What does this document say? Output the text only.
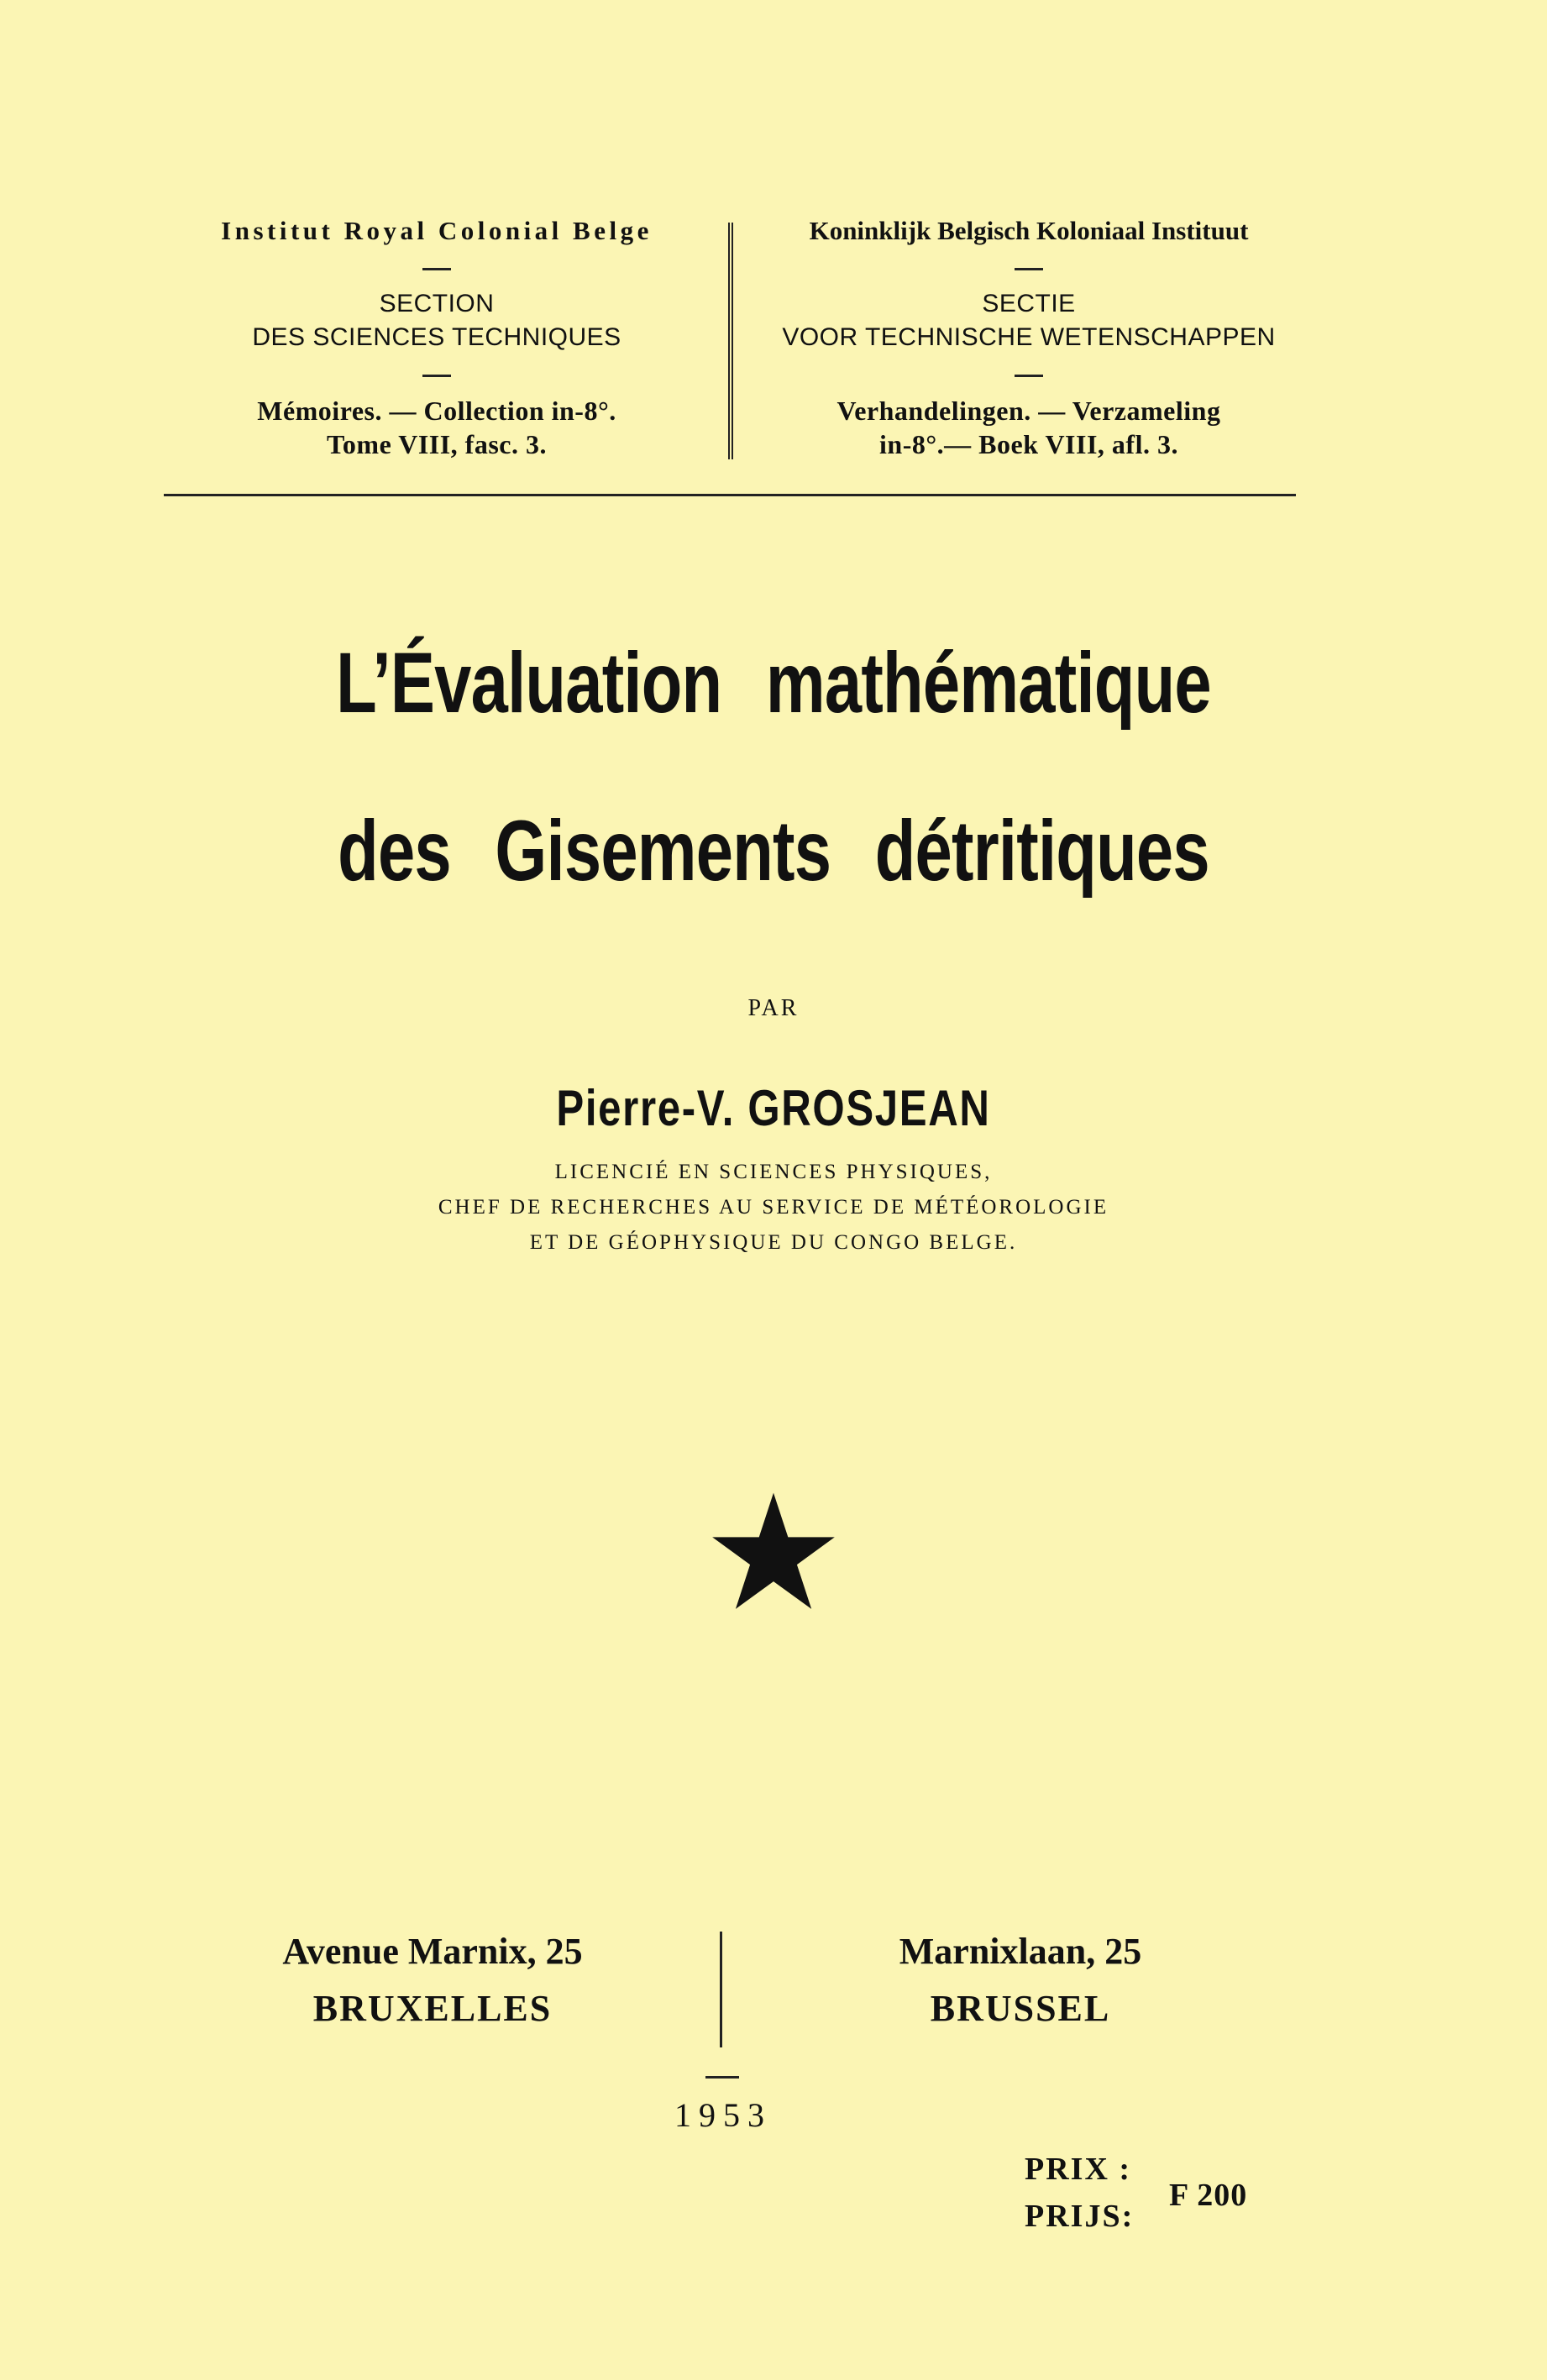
Institut Royal Colonial Belge
SECTION
DES SCIENCES TECHNIQUES
Mémoires. — Collection in-8°.
Tome VIII, fasc. 3.
Koninklijk Belgisch Koloniaal Instituut
SECTIE
VOOR TECHNISCHE WETENSCHAPPEN
Verhandelingen. — Verzameling
in-8°.— Boek VIII, afl. 3.
L’Évaluation mathématique
des Gisements détritiques
PAR
Pierre-V. GROSJEAN
LICENCIÉ EN SCIENCES PHYSIQUES,
CHEF DE RECHERCHES AU SERVICE DE MÉTÉOROLOGIE
ET DE GÉOPHYSIQUE DU CONGO BELGE.
★
Avenue Marnix, 25
BRUXELLES
Marnixlaan, 25
BRUSSEL
1953
PRIX :
PRIJS:
F 200
